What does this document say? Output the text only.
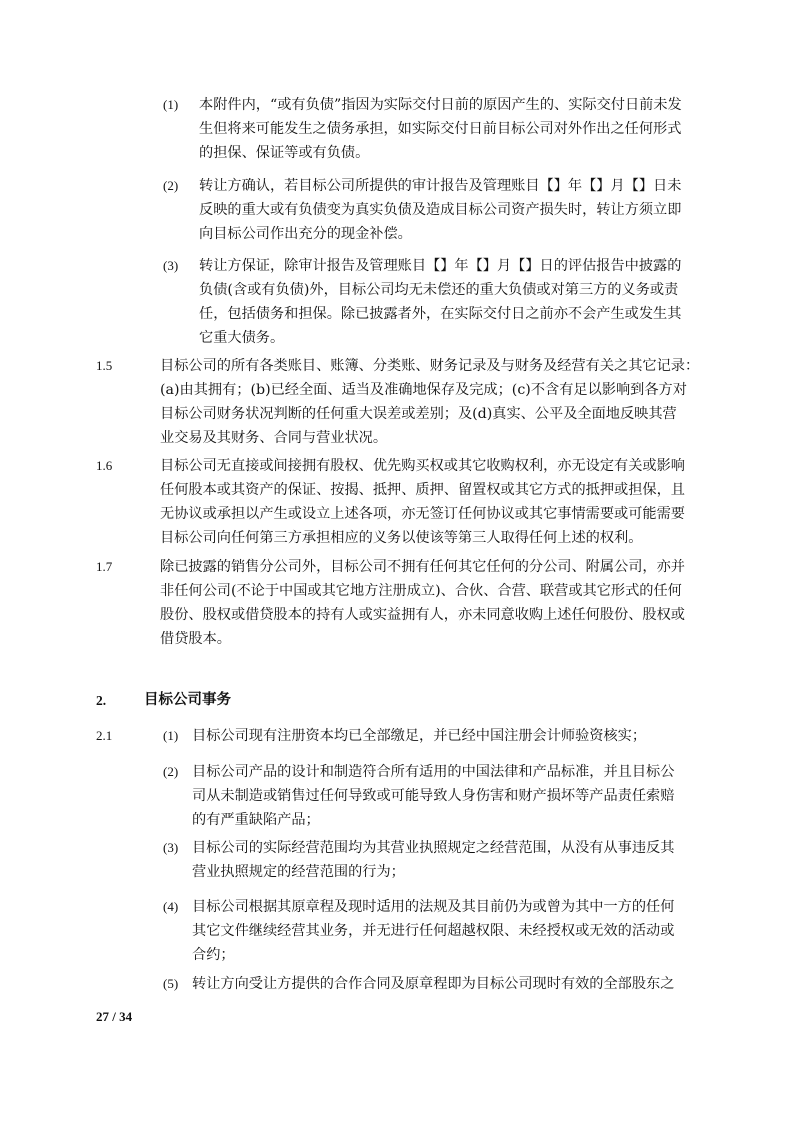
(1) 本附件内，“或有负债”指因为实际交付日前的原因产生的、实际交付日前未发
生但将来可能发生之债务承担，如实际交付日前目标公司对外作出之任何形式
的担保、保证等或有负债。
(2) 转让方确认，若目标公司所提供的审计报告及管理账目【】年【】月【】日未
反映的重大或有负债变为真实负债及造成目标公司资产损失时，转让方须立即
向目标公司作出充分的现金补偿。
(3) 转让方保证，除审计报告及管理账目【】年【】月【】日的评估报告中披露的
负债(含或有负债)外，目标公司均无未偿还的重大负债或对第三方的义务或责
任，包括债务和担保。除已披露者外，在实际交付日之前亦不会产生或发生其
它重大债务。
1.5	目标公司的所有各类账目、账簿、分类账、财务记录及与财务及经营有关之其它记录：
(a)由其拥有；(b)已经全面、适当及准确地保存及完成；(c)不含有足以影响到各方对
目标公司财务状况判断的任何重大误差或差别；及(d)真实、公平及全面地反映其营
业交易及其财务、合同与营业状况。
1.6	目标公司无直接或间接拥有股权、优先购买权或其它收购权利，亦无设定有关或影响
任何股本或其资产的保证、按揭、抵押、质押、留置权或其它方式的抵押或担保，且
无协议或承担以产生或设立上述各项，亦无签订任何协议或其它事情需要或可能需要
目标公司向任何第三方承担相应的义务以使该等第三人取得任何上述的权利。
1.7	除已披露的销售分公司外，目标公司不拥有任何其它任何的分公司、附属公司，亦并
非任何公司(不论于中国或其它地方注册成立)、合伙、合营、联营或其它形式的任何
股份、股权或借贷股本的持有人或实益拥有人，亦未同意收购上述任何股份、股权或
借贷股本。
2.	目标公司事务
2.1	(1) 目标公司现有注册资本均已全部缴足，并已经中国注册会计师验资核实；
(2) 目标公司产品的设计和制造符合所有适用的中国法律和产品标准，并且目标公
司从未制造或销售过任何导致或可能导致人身伤害和财产损坏等产品责任索赔
的有严重缺陷产品；
(3) 目标公司的实际经营范围均为其营业执照规定之经营范围，从没有从事违反其
营业执照规定的经营范围的行为；
(4) 目标公司根据其原章程及现时适用的法规及其目前仍为或曾为其中一方的任何
其它文件继续经营其业务，并无进行任何超越权限、未经授权或无效的活动或
合约；
(5) 转让方向受让方提供的合作合同及原章程即为目标公司现时有效的全部股东之
27 / 34
